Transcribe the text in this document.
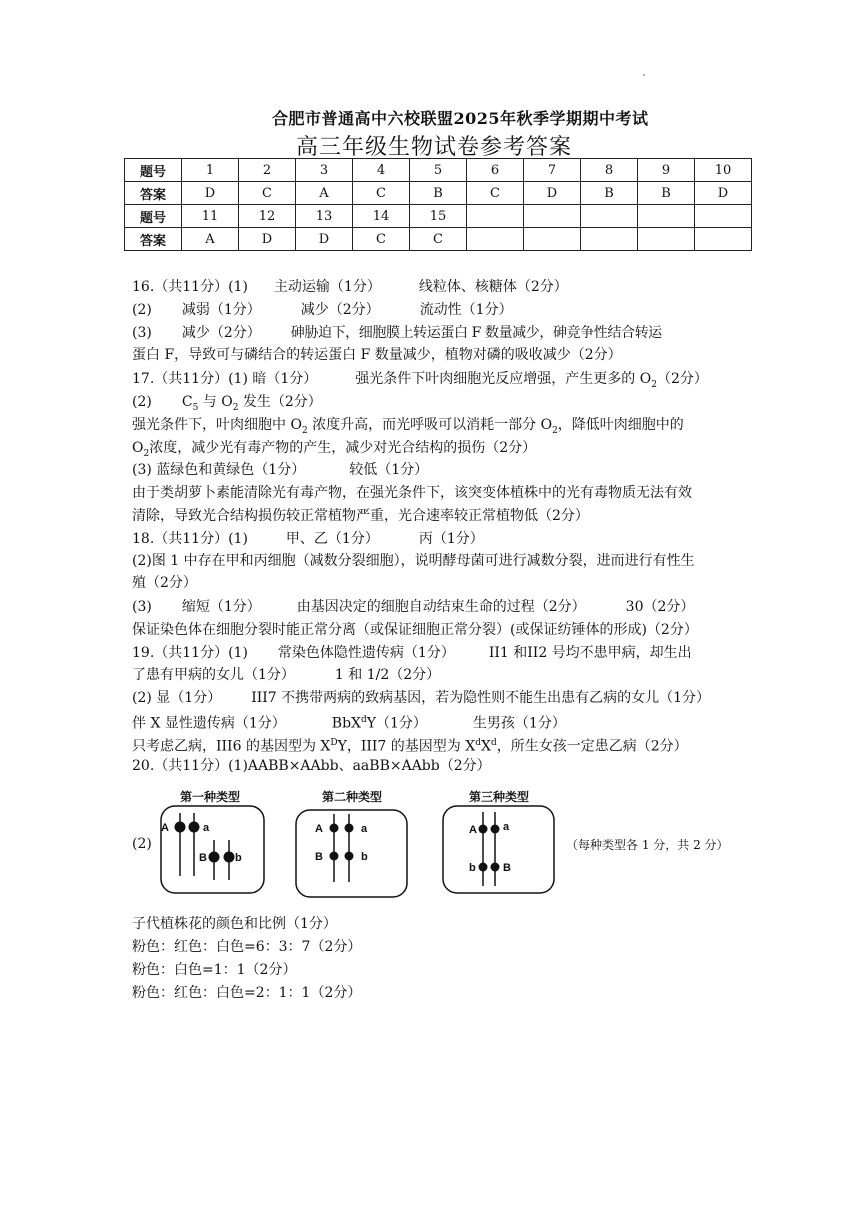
合肥市普通高中六校联盟2025年秋季学期期中考试
高三年级生物试卷参考答案
题号	1	2	3	4	5	6	7	8	9	10
答案	D	C	A	C	B	C	D	B	B	D
题号	11	12	13	14	15					
答案	A	D	D	C	C					
16.（共11分）(1) 主动运输（1分）	线粒体、核糖体（2分）
(2) 减弱（1分）	减少（2分）	流动性（1分）
(3) 减少（2分） 砷胁迫下，细胞膜上转运蛋白 F 数量减少，砷竞争性结合转运
蛋白 F，导致可与磷结合的转运蛋白 F 数量减少，植物对磷的吸收减少（2分）
17.（共11分）(1) 暗（1分）	强光条件下叶肉细胞光反应增强，产生更多的 $O_2(2$分）
(2) $C_5$ 与 $O_2$ 发生（2分）
强光条件下，叶肉细胞中 $O_2$ 浓度升高，而光呼吸可以消耗一部分 $O_2$，降低叶肉细胞中的
$O_2$浓度，减少光有毒产物的产生，减少对光合结构的损伤（2分）
(3) 蓝绿色和黄绿色（1分）	较低（1分）
由于类胡萝卜素能清除光有毒产物，在强光条件下，该突变体植株中的光有毒物质无法有效
清除，导致光合结构损伤较正常植物严重，光合速率较正常植物低（2分）
18.（共11分）(1)	甲、乙（1分）	丙（1分）
(2)图 1 中存在甲和丙细胞（减数分裂细胞），说明酵母菌可进行减数分裂，进而进行有性生
殖（2分）
(3) 缩短（1分）	由基因决定的细胞自动结束生命的过程（2分）	30（2分）
保证染色体在细胞分裂时能正常分离（或保证细胞正常分裂）(或保证纺锤体的形成)（2分）
19.（共11分）(1) 常染色体隐性遗传病（1分） II1 和II2 号均不患甲病，却生出
了患有甲病的女儿（1分）	1 和 1/2（2分）
(2) 显（1分） III7 不携带两病的致病基因，若为隐性则不能生出患有乙病的女儿（1分）
伴 X 显性遗传病（1分）	BbX$^d$Y（1分）	生男孩（1分）
只考虑乙病，III6 的基因型为 $X^DY$，III7 的基因型为 $X^dX^d$，所生女孩一定患乙病（2分）
20.（共11分）(1)AABB×AAbb、aaBB×AAbb（2分）
(2)
第一种类型	第二种类型	第三种类型
A	a
B	b
A	a
B	b
A a
b B
（每种类型各 1 分，共 2 分）
子代植株花的颜色和比例（1分）
粉色：红色：白色=6：3：7（2分）
粉色：白色=1：1（2分）
粉色：红色：白色=2：1：1（2分）
